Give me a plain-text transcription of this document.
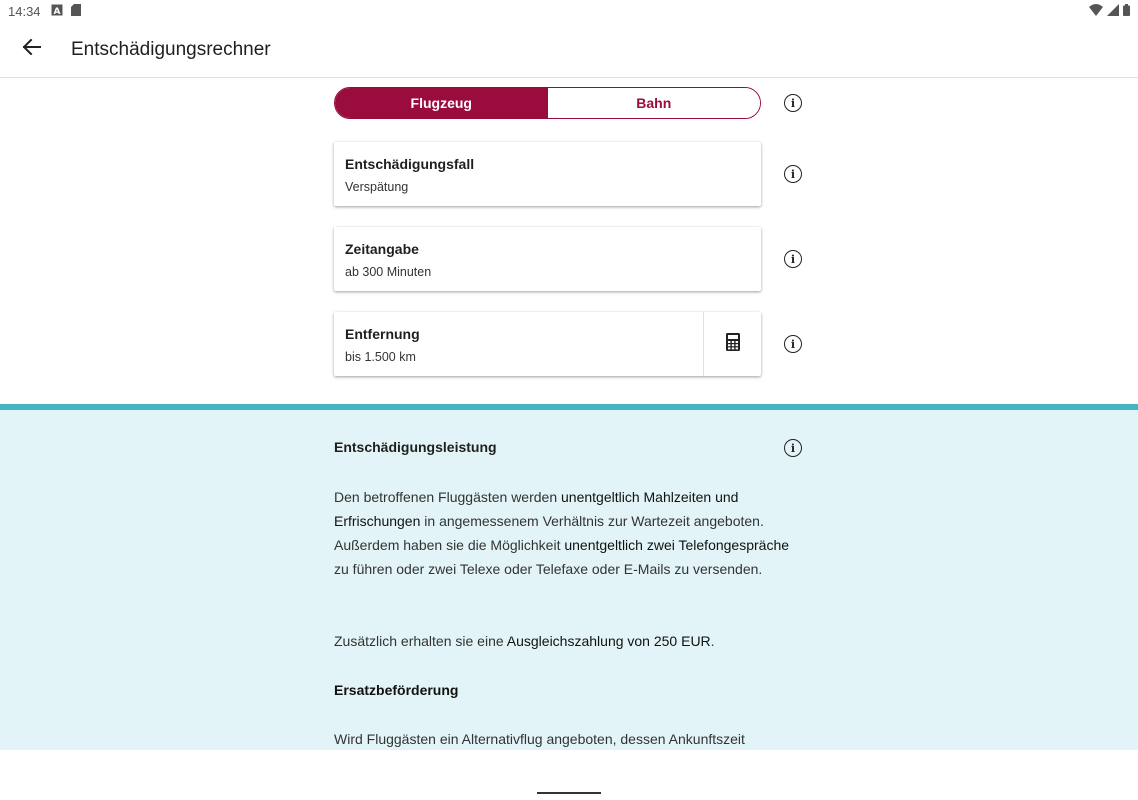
14:34 A
Entschädigungsrechner
Flugzeug	Bahn	i
Entschädigungsfall
Verspätung
i
Zeitangabe
ab 300 Minuten
i
Entfernung
bis 1.500 km
i
Entschädigungsleistung
Den betroffenen Fluggästen werden unentgeltlich Mahlzeiten und Erfrischungen in angemessenem Verhältnis zur Wartezeit angeboten. Außerdem haben sie die Möglichkeit unentgeltlich zwei Telefongespräche zu führen oder zwei Telexe oder Telefaxe oder E-Mails zu versenden.
Zusätzlich erhalten sie eine Ausgleichszahlung von 250 EUR.
Ersatzbeförderung
Wird Fluggästen ein Alternativflug angeboten, dessen Ankunftszeit
i
